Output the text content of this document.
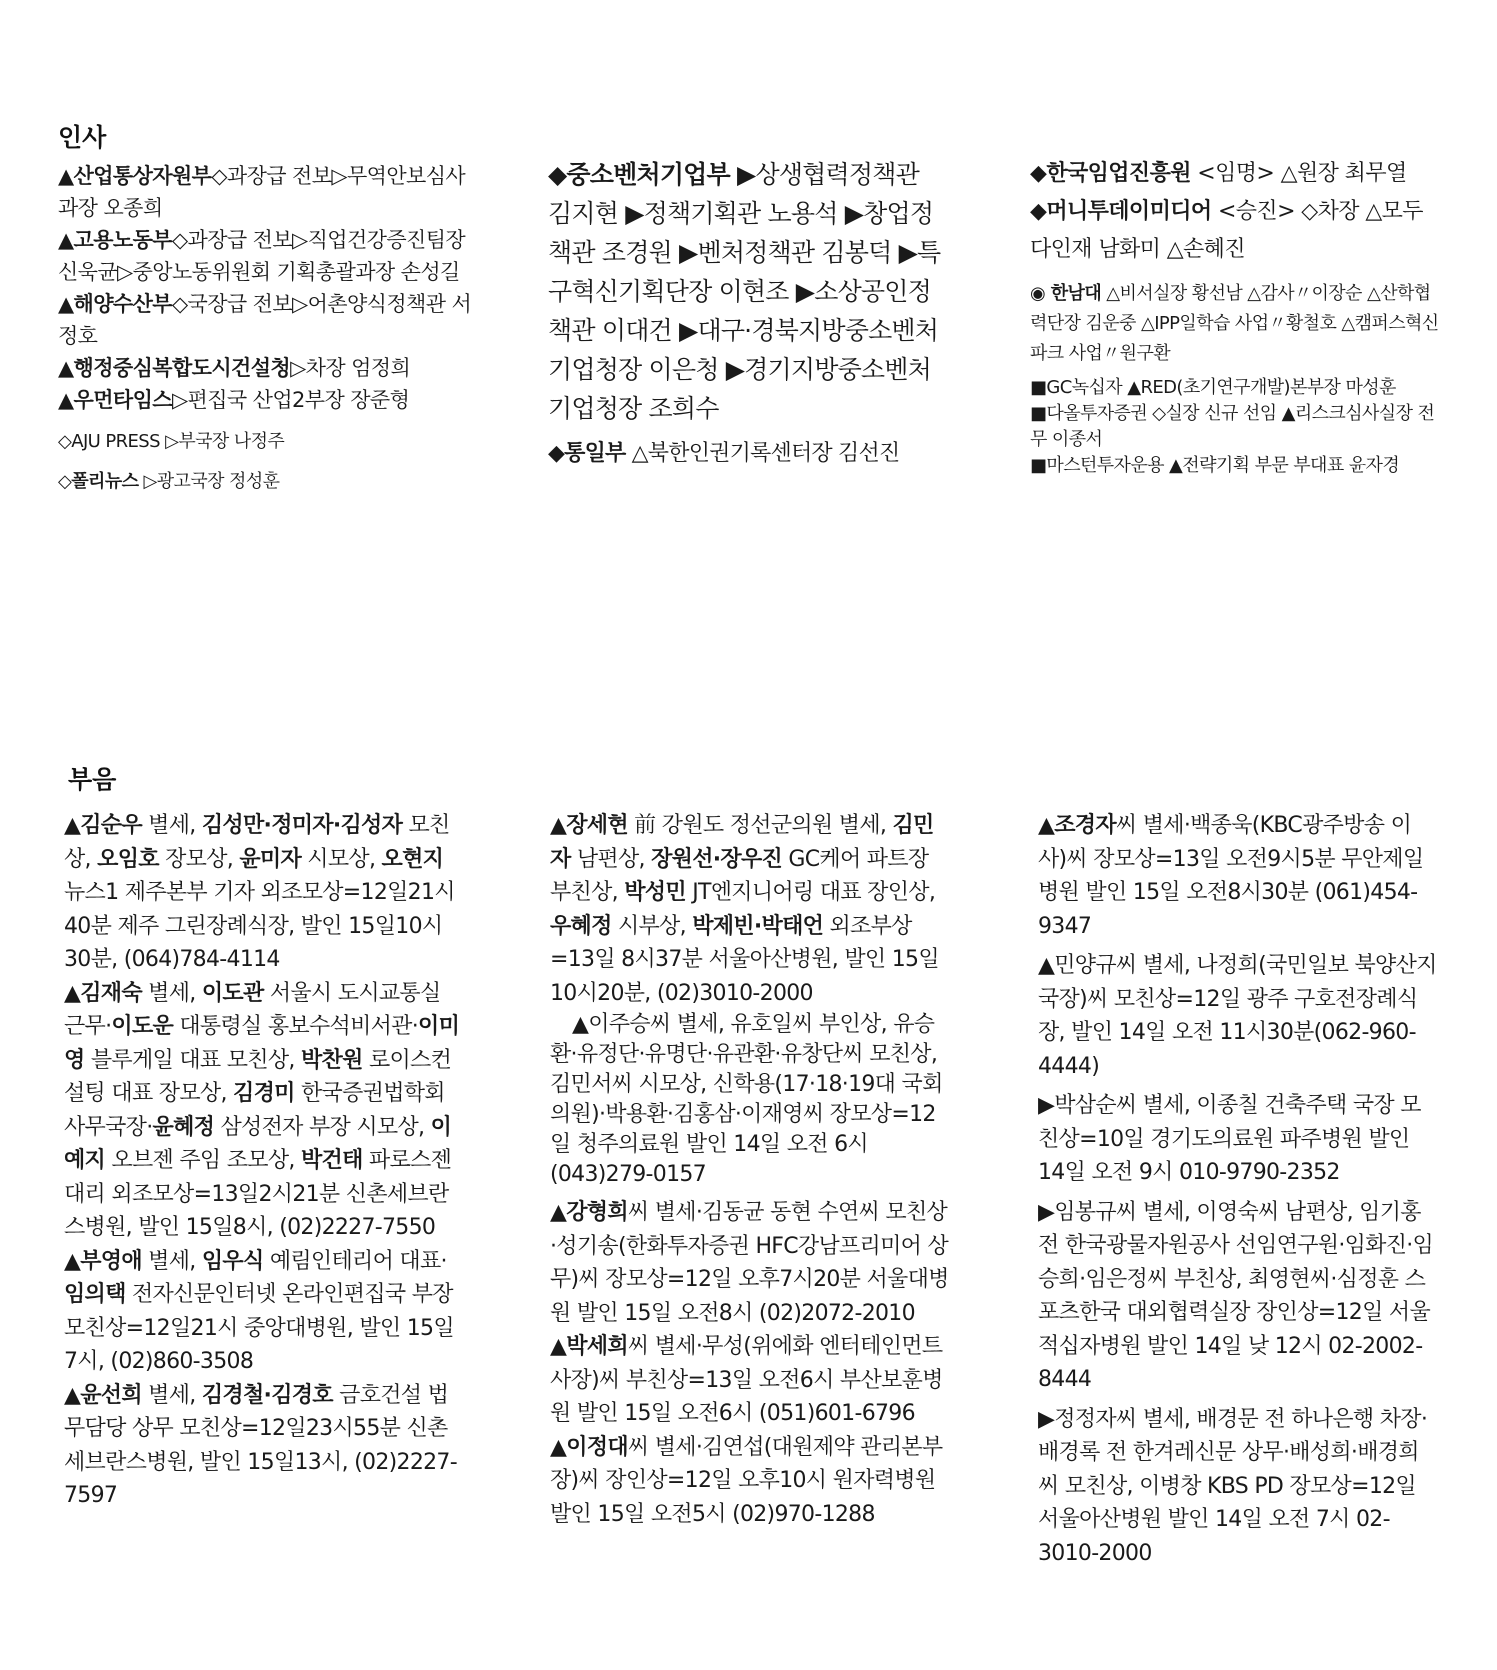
인사

▲산업통상자원부◇과장급 전보▷무역안보심사과장 오종희

▲고용노동부◇과장급 전보▷직업건강증진팀장 신욱균▷중앙노동위원회 기획총괄과장 손성길

▲해양수산부◇국장급 전보▷어촌양식정책관 서정호

▲행정중심복합도시건설청▷차장 엄정희

▲우먼타임스▷편집국 산업2부장 장준형

◇AJU PRESS ▷부국장 나정주

◇폴리뉴스 ▷광고국장 정성훈

◆중소벤처기업부 ▶상생협력정책관 김지현 ▶정책기획관 노용석 ▶창업정책관 조경원 ▶벤처정책관 김봉덕 ▶특구혁신기획단장 이현조 ▶소상공인정책관 이대건 ▶대구·경북지방중소벤처기업청장 이은청 ▶경기지방중소벤처기업청장 조희수

◆통일부 △북한인권기록센터장 김선진

◆한국임업진흥원 <임명> △원장 최무열

◆머니투데이미디어 <승진> ◇차장 △모두다인재 남화미 △손혜진

◉ 한남대 △비서실장 황선남 △감사〃이장순 △산학협력단장 김운중 △IPP일학습 사업〃황철호 △캠퍼스혁신파크 사업〃원구환

■GC녹십자 ▲RED(초기연구개발)본부장 마성훈

■다올투자증권 ◇실장 신규 선임 ▲리스크심사실장 전무 이종서

■마스턴투자운용 ▲전략기획 부문 부대표 윤자경

부음

▲김순우 별세, 김성만·정미자·김성자 모친상, 오임호 장모상, 윤미자 시모상, 오현지 뉴스1 제주본부 기자 외조모상=12일21시40분 제주 그린장례식장, 발인 15일10시30분, (064)784-4114

▲김재숙 별세, 이도관 서울시 도시교통실 근무·이도운 대통령실 홍보수석비서관·이미영 블루게일 대표 모친상, 박찬원 로이스컨설팅 대표 장모상, 김경미 한국증권법학회 사무국장·윤혜정 삼성전자 부장 시모상, 이예지 오브젠 주임 조모상, 박건태 파로스젠 대리 외조모상=13일2시21분 신촌세브란스병원, 발인 15일8시, (02)2227-7550

▲부영애 별세, 임우식 예림인테리어 대표·임의택 전자신문인터넷 온라인편집국 부장 모친상=12일21시 중앙대병원, 발인 15일7시, (02)860-3508

▲윤선희 별세, 김경철·김경호 금호건설 법무담당 상무 모친상=12일23시55분 신촌세브란스병원, 발인 15일13시, (02)2227-7597

▲장세현 前 강원도 정선군의원 별세, 김민자 남편상, 장원선·장우진 GC케어 파트장 부친상, 박성민 JT엔지니어링 대표 장인상, 우혜정 시부상, 박제빈·박태언 외조부상=13일 8시37분 서울아산병원, 발인 15일10시20분, (02)3010-2000

▲이주승씨 별세, 유호일씨 부인상, 유승환·유정단·유명단·유관환·유창단씨 모친상, 김민서씨 시모상, 신학용(17·18·19대 국회의원)·박용환·김홍삼·이재영씨 장모상=12일 청주의료원 발인 14일 오전 6시 (043)279-0157

▲강형희씨 별세·김동균 동현 수연씨 모친상·성기송(한화투자증권 HFC강남프리미어 상무)씨 장모상=12일 오후7시20분 서울대병원 발인 15일 오전8시 (02)2072-2010

▲박세희씨 별세·무성(위에화 엔터테인먼트 사장)씨 부친상=13일 오전6시 부산보훈병원 발인 15일 오전6시 (051)601-6796

▲이정대씨 별세·김연섭(대원제약 관리본부장)씨 장인상=12일 오후10시 원자력병원 발인 15일 오전5시 (02)970-1288

▲조경자씨 별세·백종욱(KBC광주방송 이사)씨 장모상=13일 오전9시5분 무안제일병원 발인 15일 오전8시30분 (061)454-9347

▲민양규씨 별세, 나정희(국민일보 북양산지국장)씨 모친상=12일 광주 구호전장례식장, 발인 14일 오전 11시30분(062-960-4444)

▶박삼순씨 별세, 이종칠 건축주택 국장 모친상=10일 경기도의료원 파주병원 발인 14일 오전 9시 010-9790-2352

▶임봉규씨 별세, 이영숙씨 남편상, 임기홍 전 한국광물자원공사 선임연구원·임화진·임승희·임은정씨 부친상, 최영현씨·심정훈 스포츠한국 대외협력실장 장인상=12일 서울적십자병원 발인 14일 낮 12시 02-2002-8444

▶정정자씨 별세, 배경문 전 하나은행 차장·배경록 전 한겨레신문 상무·배성희·배경희씨 모친상, 이병창 KBS PD 장모상=12일 서울아산병원 발인 14일 오전 7시 02-3010-2000
